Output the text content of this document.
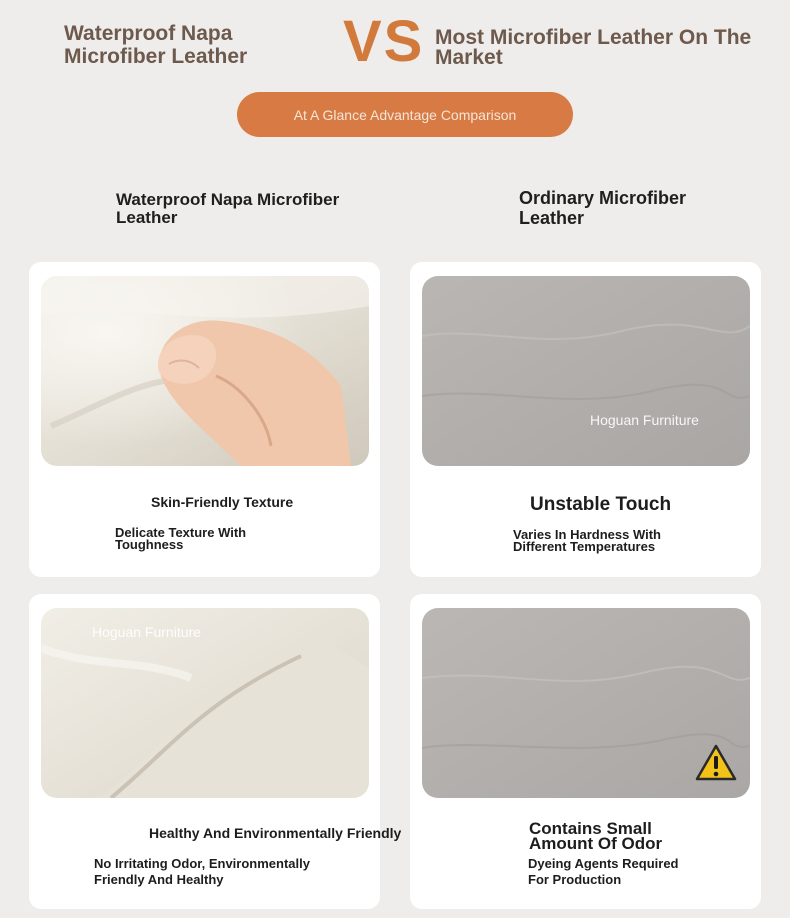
Waterproof Napa Microfiber Leather	VS Most Microfiber Leather On The Market
At A Glance Advantage Comparison
Waterproof Napa Microfiber Leather
Ordinary Microfiber Leather
Skin-Friendly Texture
Delicate Texture With Toughness
Hoguan Furniture
Unstable Touch
Varies In Hardness With Different Temperatures
Hoguan Furniture
Healthy And Environmentally Friendly
No Irritating Odor, Environmentally Friendly And Healthy
Contains Small Amount Of Odor
Dyeing Agents Required For Production
